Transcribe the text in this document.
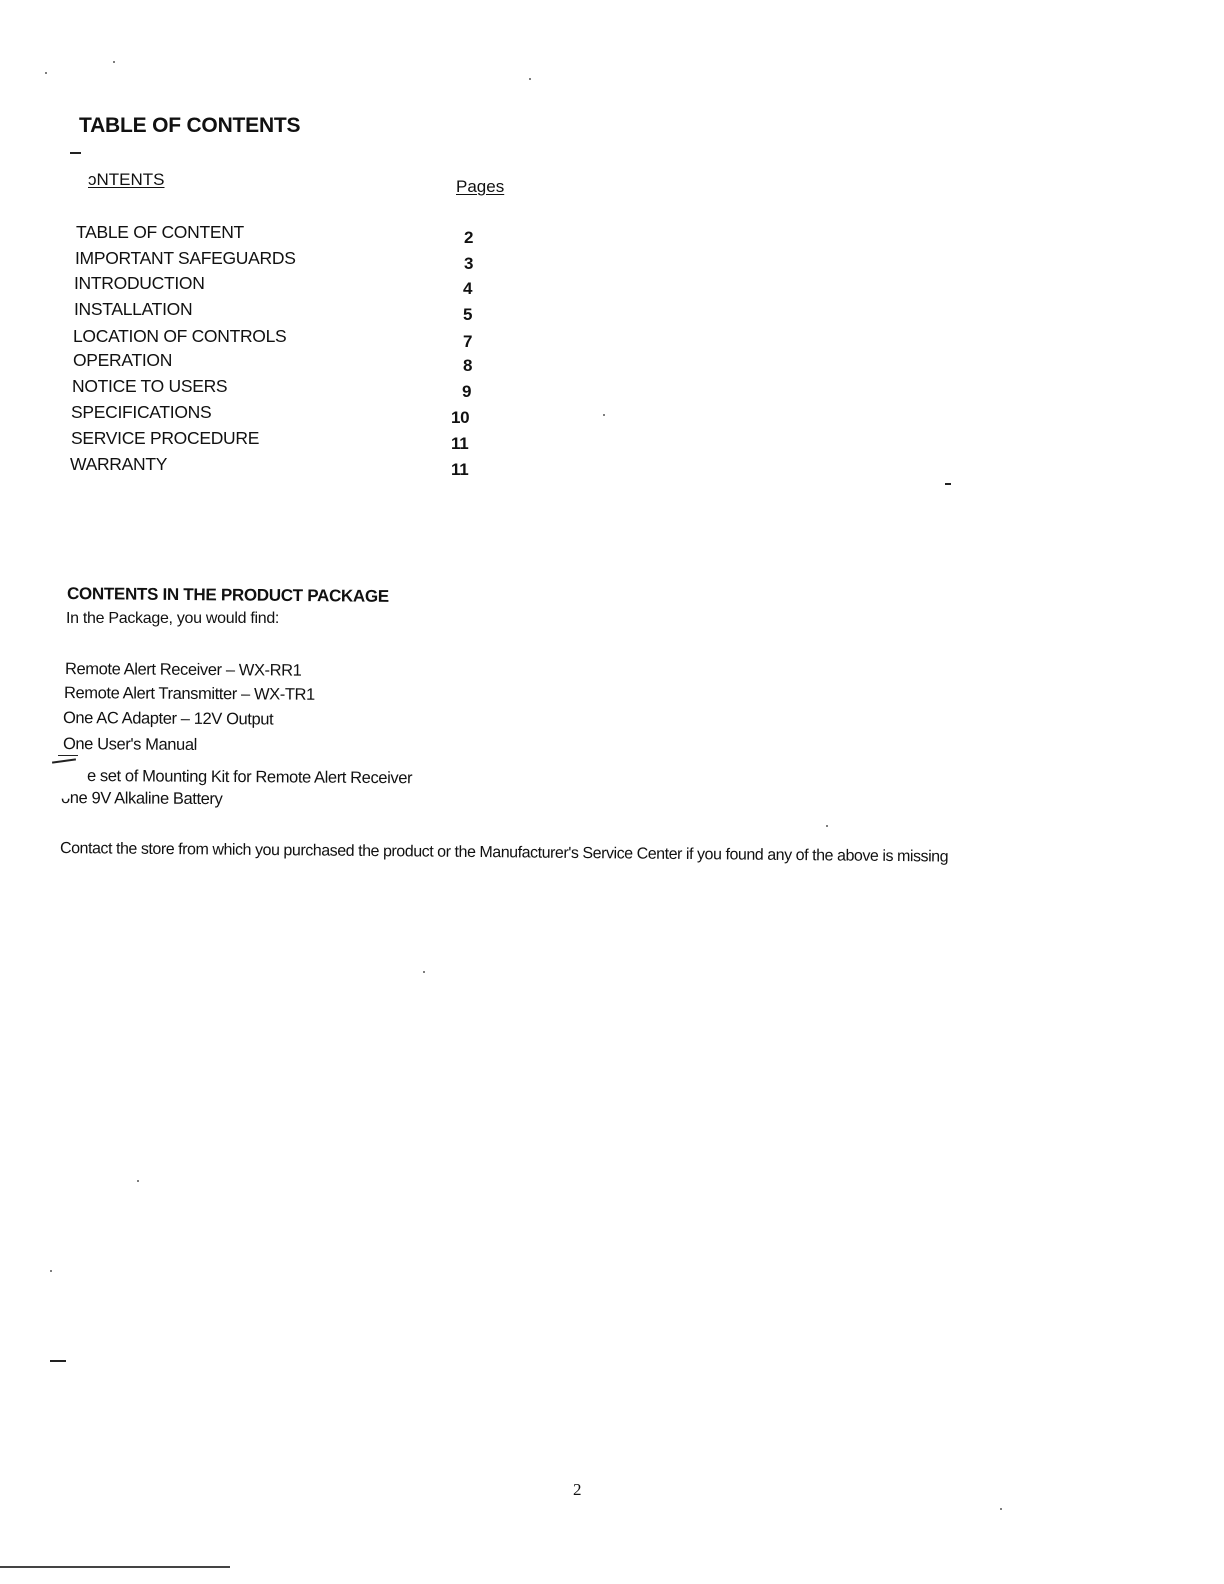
TABLE OF CONTENTS
ᴐNTENTS	Pages
TABLE OF CONTENT	2
IMPORTANT SAFEGUARDS	3
INTRODUCTION	4
INSTALLATION	5
LOCATION OF CONTROLS	7
OPERATION	8
NOTICE TO USERS	9
SPECIFICATIONS	10
SERVICE PROCEDURE	11
WARRANTY	11
CONTENTS IN THE PRODUCT PACKAGE
In the Package, you would find:
Remote Alert Receiver – WX-RR1
Remote Alert Transmitter – WX-TR1
One AC Adapter – 12V Output
One User's Manual
e set of Mounting Kit for Remote Alert Receiver
ᴗne 9V Alkaline Battery
Contact the store from which you purchased the product or the Manufacturer's Service Center if you found any of the above is missing
2
